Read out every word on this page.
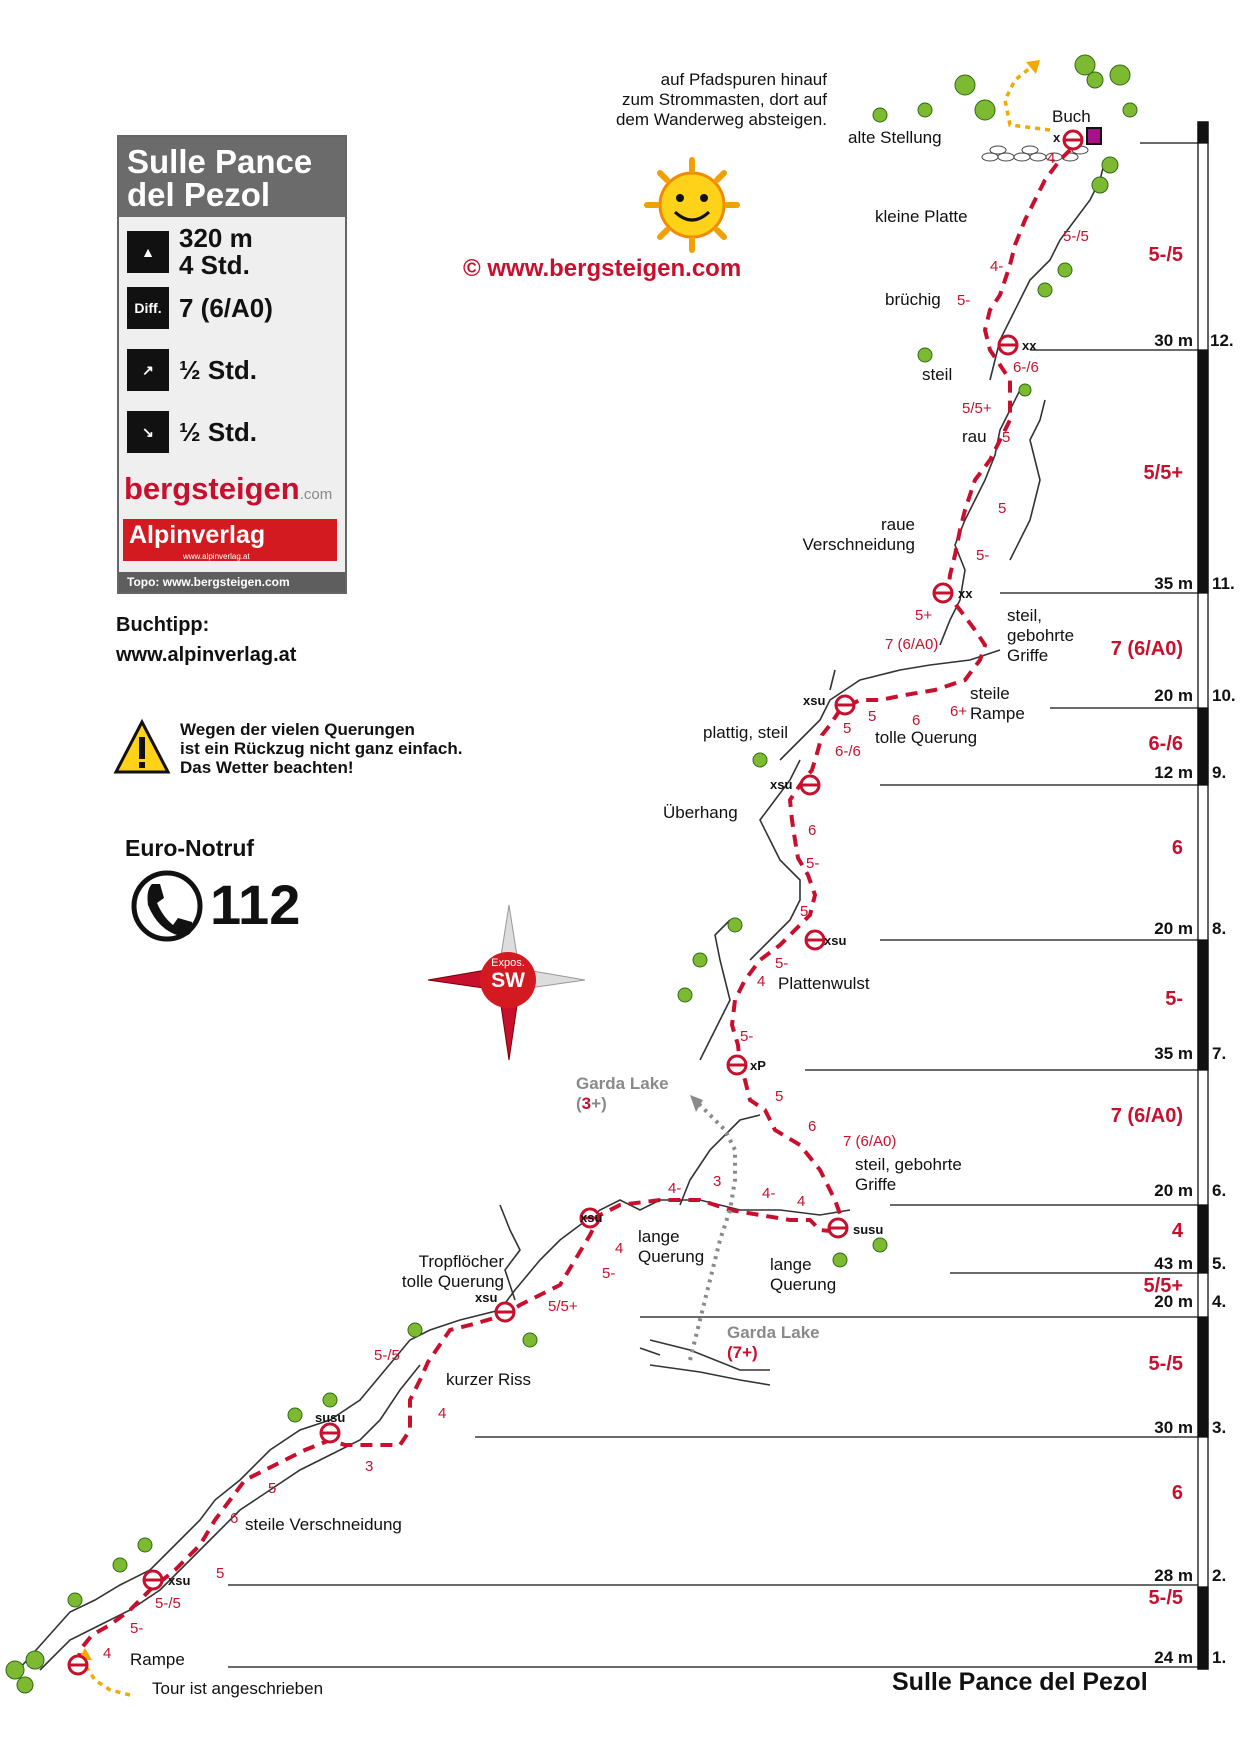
Sulle Pance
del Pezol
▲ 320 m
4 Std.
Diff. 7 (6/A0)
↗ ½ Std.
↘ ½ Std.
bergsteigen.com
Alpinverlag
www.alpinverlag.at
Topo: www.bergsteigen.com
Buchtipp:
www.alpinverlag.at
Wegen der vielen Querungen
ist ein Rückzug nicht ganz einfach.
Das Wetter beachten!
Euro-Notruf
112
© www.bergsteigen.com
Expos.
SW
auf Pfadspuren hinauf
zum Strommasten, dort auf
dem Wanderweg absteigen.
Tour ist angeschrieben	Sulle Pance del Pezol
Buch
alte Stellung
kleine Platte
brüchig
steil
rau
raue
Verschneidung
steil,
gebohrte
Griffe
steile
Rampe
tolle Querung
plattig, steil
Überhang
Plattenwulst
Garda Lake
(3+)
Garda Lake
(7+)
steil, gebohrte
Griffe
lange
Querung	lange
Querung
Tropflöcher
tolle Querung
kurzer Riss
steile Verschneidung
Rampe
4
4-
5-/5
5-
6-/6
5/5+
5
5
5-
5+
7 (6/A0)
5 6
6+
5
6-/6
6
5-
5
5-
4
5-
5
6
7 (6/A0)
4- 3
4- 4
4
5-
5/5+
5-/5
4
3
5
6
5
5-/5
5-
4
x
xx
xx
xsu
xsu
xsu
xP
susu
xsu
xsu
susu
xsu
5-/5
6
5-/5
5/5+
4
7 (6/A0)
5-
6
6-/6
7 (6/A0)
5/5+
5-/5
24 m
28 m
30 m
20 m
43 m
20 m
35 m
20 m
12 m
20 m
35 m
30 m
1.
2.
3.
4.
5.
6.
7.
8.
9.
10.
11.
12.
